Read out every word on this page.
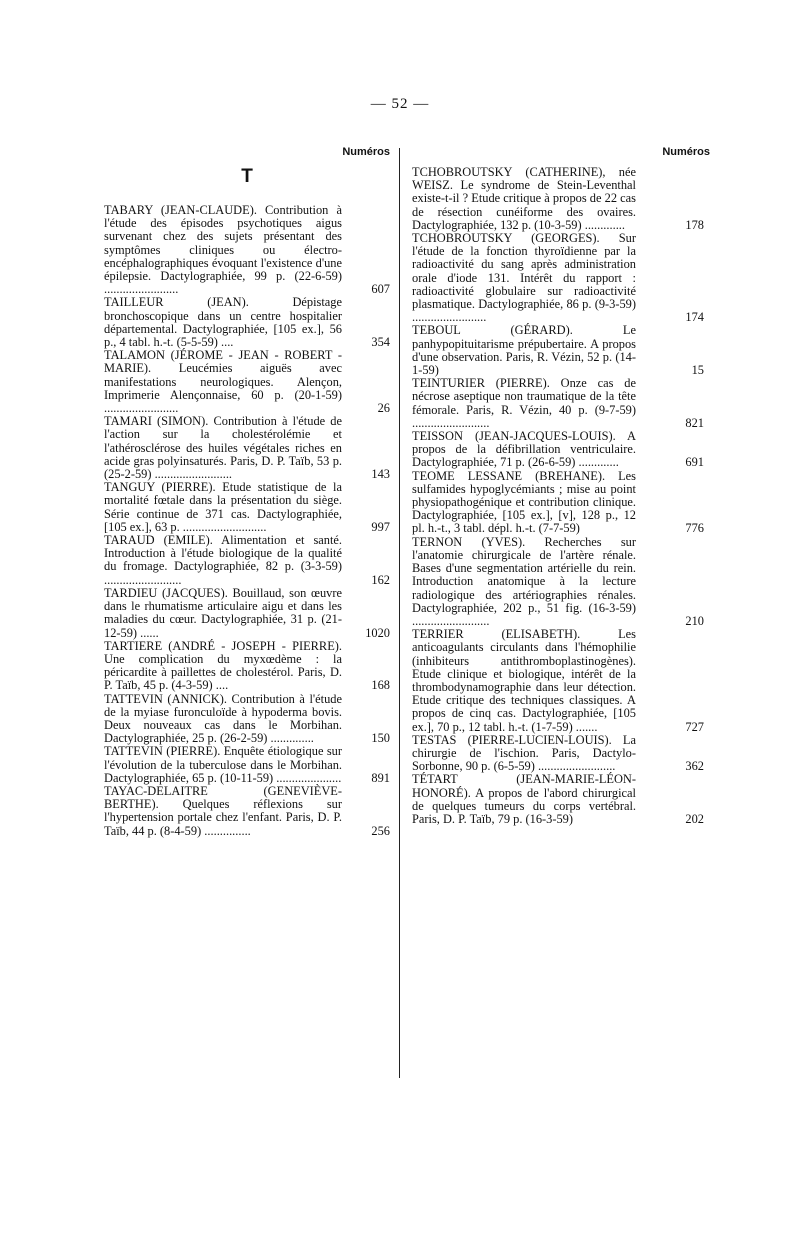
— 52 —
Numéros
T
TABARY (JEAN-CLAUDE). Contribution à l'étude des épisodes psychotiques aigus survenant chez des sujets présentant des symptômes cliniques ou électro-encéphalographiques évoquant l'existence d'une épilepsie. Dactylographiée, 99 p. (22-6-59) ........................	607
TAILLEUR (JEAN). Dépistage bronchoscopique dans un centre hospitalier départemental. Dactylographiée, [105 ex.], 56 p., 4 tabl. h.-t. (5-5-59) ....	354
TALAMON (JÉROME - JEAN - ROBERT - MARIE). Leucémies aiguës avec manifestations neurologiques. Alençon, Imprimerie Alençonnaise, 60 p. (20-1-59) ........................	26
TAMARI (SIMON). Contribution à l'étude de l'action sur la cholestérolémie et l'athérosclérose des huiles végétales riches en acide gras polyinsaturés. Paris, D. P. Taïb, 53 p. (25-2-59) .........................	143
TANGUY (PIERRE). Etude statistique de la mortalité fœtale dans la présentation du siège. Série continue de 371 cas. Dactylographiée, [105 ex.], 63 p. ...........................	997
TARAUD (EMILE). Alimentation et santé. Introduction à l'étude biologique de la qualité du fromage. Dactylographiée, 82 p. (3-3-59) .........................	162
TARDIEU (JACQUES). Bouillaud, son œuvre dans le rhumatisme articulaire aigu et dans les maladies du cœur. Dactylographiée, 31 p. (21-12-59) ......	1020
TARTIERE (ANDRÉ - JOSEPH - PIERRE). Une complication du myxœdème : la péricardite à paillettes de cholestérol. Paris, D. P. Taïb, 45 p. (4-3-59) ....	168
TATTEVIN (ANNICK). Contribution à l'étude de la myiase furonculoïde à hypoderma bovis. Deux nouveaux cas dans le Morbihan. Dactylographiée, 25 p. (26-2-59) ..............	150
TATTEVIN (PIERRE). Enquête étiologique sur l'évolution de la tuberculose dans le Morbihan. Dactylographiée, 65 p. (10-11-59) ..................... 891
TAYAC-DELAITRE (GENEVIÈVE-BERTHE). Quelques réflexions sur l'hypertension portale chez l'enfant. Paris, D. P. Taïb, 44 p. (8-4-59) ...............	256
Numéros
TCHOBROUTSKY (CATHERINE), née WEISZ. Le syndrome de Stein-Leventhal existe-t-il ? Etude critique à propos de 22 cas de résection cunéiforme des ovaires. Dactylographiée, 132 p. (10-3-59) .............	178
TCHOBROUTSKY (GEORGES). Sur l'étude de la fonction thyroïdienne par la radioactivité du sang après administration orale d'iode 131. Intérêt du rapport : radioactivité globulaire sur radioactivité plasmatique. Dactylographiée, 86 p. (9-3-59) ........................	174
TEBOUL (GÉRARD). Le panhypopituitarisme prépubertaire. A propos d'une observation. Paris, R. Vézin, 52 p. (14-1-59)	15
TEINTURIER (PIERRE). Onze cas de nécrose aseptique non traumatique de la tête fémorale. Paris, R. Vézin, 40 p. (9-7-59) .........................	821
TEISSON (JEAN-JACQUES-LOUIS). A propos de la défibrillation ventriculaire. Dactylographiée, 71 p. (26-6-59) .............	691
TEOME LESSANE (BREHANE). Les sulfamides hypoglycémiants ; mise au point physiopathogénique et contribution clinique. Dactylographiée, [105 ex.], [v], 128 p., 12 pl. h.-t., 3 tabl. dépl. h.-t. (7-7-59)	776
TERNON (YVES). Recherches sur l'anatomie chirurgicale de l'artère rénale. Bases d'une segmentation artérielle du rein. Introduction anatomique à la lecture radiologique des artériographies rénales. Dactylographiée, 202 p., 51 fig. (16-3-59) .........................	210
TERRIER (ELISABETH). Les anticoagulants circulants dans l'hémophilie (inhibiteurs antithromboplastinogènes). Etude clinique et biologique, intérêt de la thrombodynamographie dans leur détection. Etude critique des techniques classiques. A propos de cinq cas. Dactylographiée, [105 ex.], 70 p., 12 tabl. h.-t. (1-7-59) .......	727
TESTAS (PIERRE-LUCIEN-LOUIS). La chirurgie de l'ischion. Paris, Dactylo-Sorbonne, 90 p. (6-5-59) .........................	362
TÉTART (JEAN-MARIE-LÉON-HONORÉ). A propos de l'abord chirurgical de quelques tumeurs du corps vertébral. Paris, D. P. Taïb, 79 p. (16-3-59)	202
